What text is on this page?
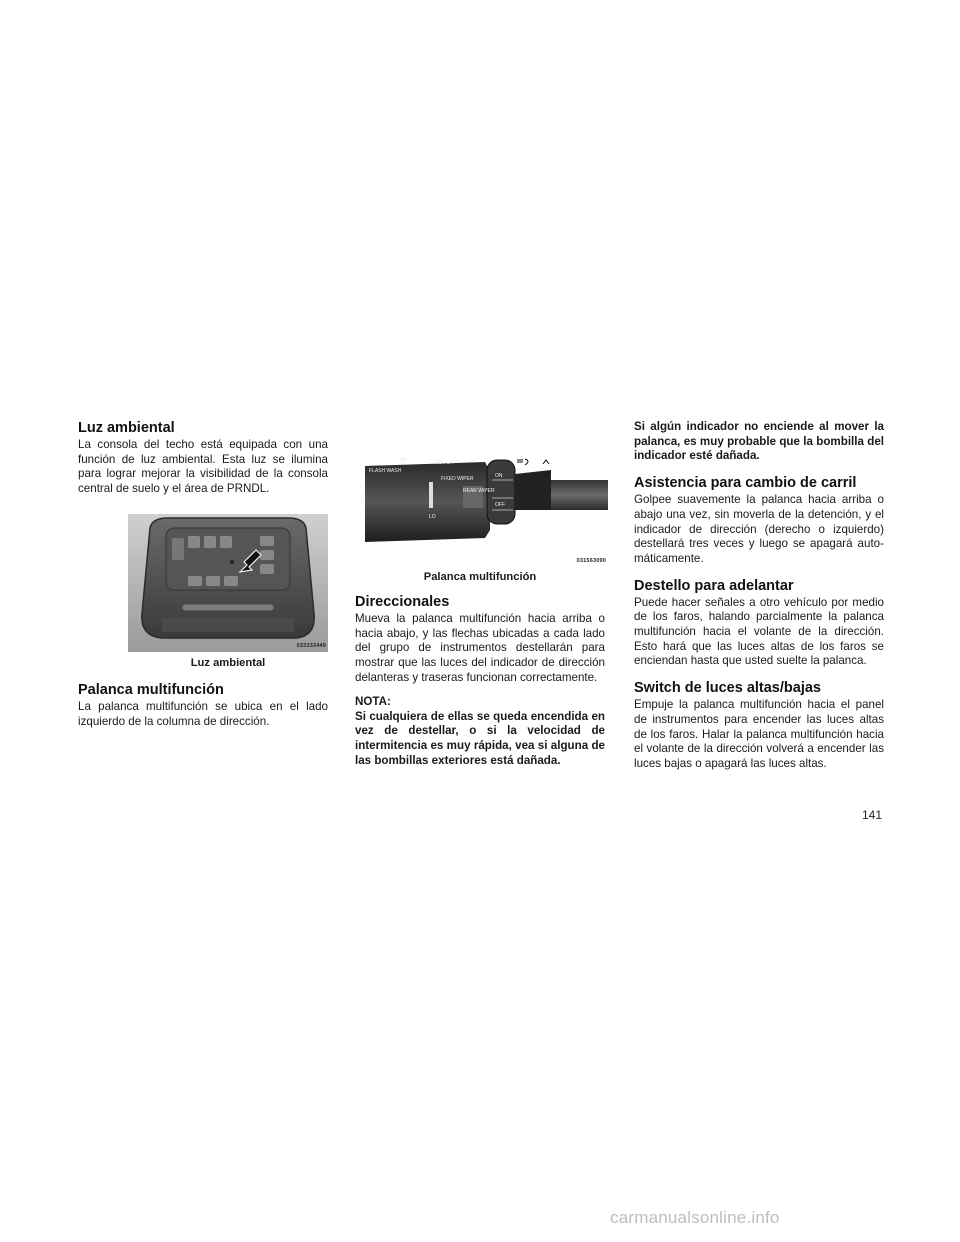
Luz ambiental

La consola del techo está equipada con una función de luz ambiental. Esta luz se ilumina para lograr mejorar la visibilidad de la consola central de suelo y el área de PRNDL.

033333449
Luz ambiental
Palanca multifunción

La palanca multifunción se ubica en el lado izquierdo de la columna de dirección.

FLASH WASH
MIST OFF
FIXED WIPER
REAR WIPER
ON
OFF
LO
031563090
Palanca multifunción
Direccionales

Mueva la palanca multifunción hacia arriba o hacia abajo, y las flechas ubicadas a cada lado del grupo de instrumentos destellarán para mostrar que las luces del indicador de dirección delanteras y traseras funcionan correctamente.

NOTA:

Si cualquiera de ellas se queda encendida en vez de destellar, o si la velocidad de intermitencia es muy rápida, vea si alguna de las bombillas exteriores está dañada.

Si algún indicador no enciende al mover la palanca, es muy probable que la bombilla del indicador esté dañada.

Asistencia para cambio de carril

Golpee suavemente la palanca hacia arriba o abajo una vez, sin moverla de la detención, y el indicador de dirección (derecho o izquierdo) destellará tres veces y luego se apagará auto-máticamente.

Destello para adelantar

Puede hacer señales a otro vehículo por medio de los faros, halando parcialmente la palanca multifunción hacia el volante de la dirección. Esto hará que las luces altas de los faros se enciendan hasta que usted suelte la palanca.

Switch de luces altas/bajas

Empuje la palanca multifunción hacia el panel de instrumentos para encender las luces altas de los faros. Halar la palanca multifunción hacia el volante de la dirección volverá a encender las luces bajas o apagará las luces altas.

141
carmanualsonline.info
